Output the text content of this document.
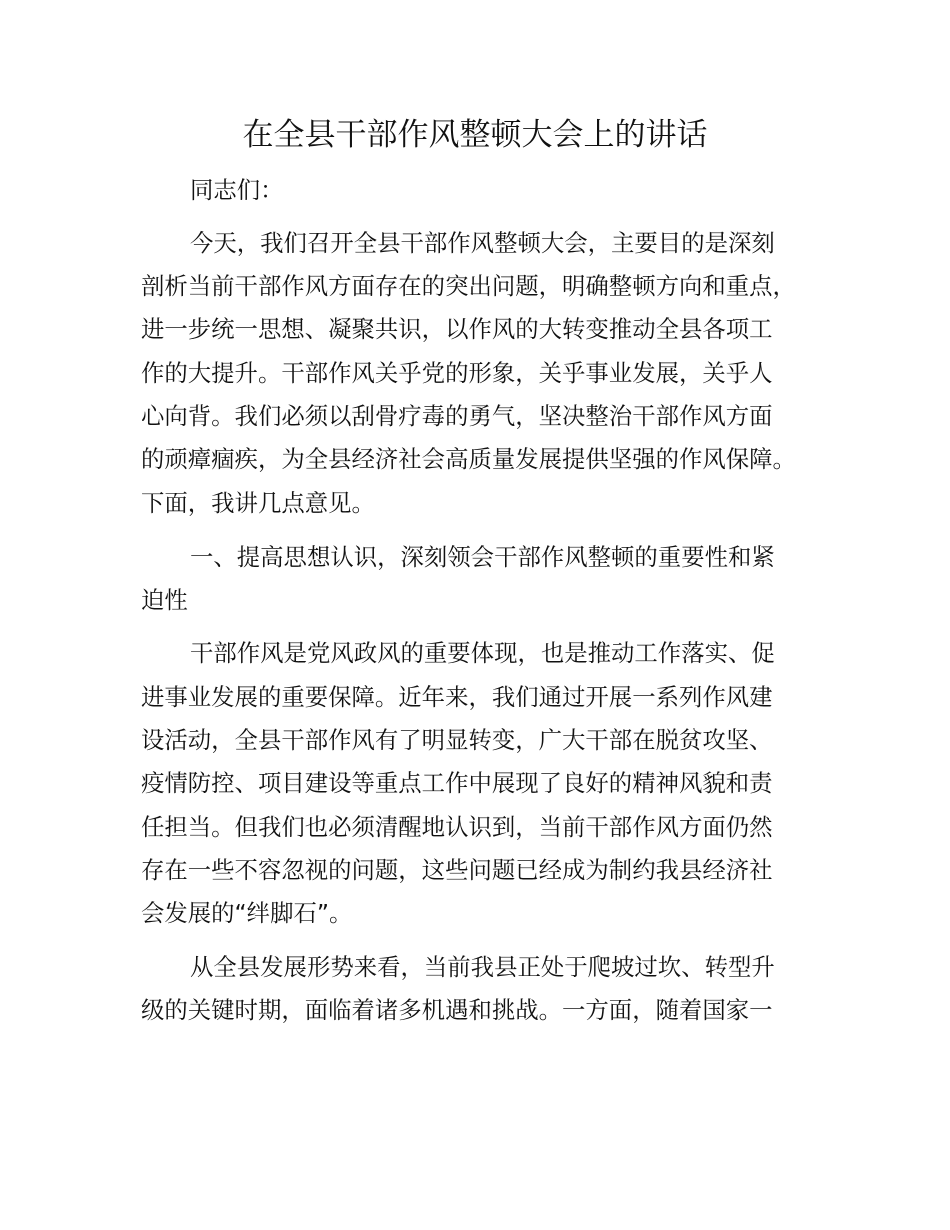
在全县干部作风整顿大会上的讲话

同志们：

今天，我们召开全县干部作风整顿大会，主要目的是深刻

剖析当前干部作风方面存在的突出问题，明确整顿方向和重点，

进一步统一思想、凝聚共识，以作风的大转变推动全县各项工

作的大提升。干部作风关乎党的形象，关乎事业发展，关乎人

心向背。我们必须以刮骨疗毒的勇气，坚决整治干部作风方面

的顽瘴痼疾，为全县经济社会高质量发展提供坚强的作风保障。

下面，我讲几点意见。

一、提高思想认识，深刻领会干部作风整顿的重要性和紧

迫性

干部作风是党风政风的重要体现，也是推动工作落实、促

进事业发展的重要保障。近年来，我们通过开展一系列作风建

设活动，全县干部作风有了明显转变，广大干部在脱贫攻坚、

疫情防控、项目建设等重点工作中展现了良好的精神风貌和责

任担当。但我们也必须清醒地认识到，当前干部作风方面仍然

存在一些不容忽视的问题，这些问题已经成为制约我县经济社

会发展的“绊脚石”。

从全县发展形势来看，当前我县正处于爬坡过坎、转型升

级的关键时期，面临着诸多机遇和挑战。一方面，随着国家一
